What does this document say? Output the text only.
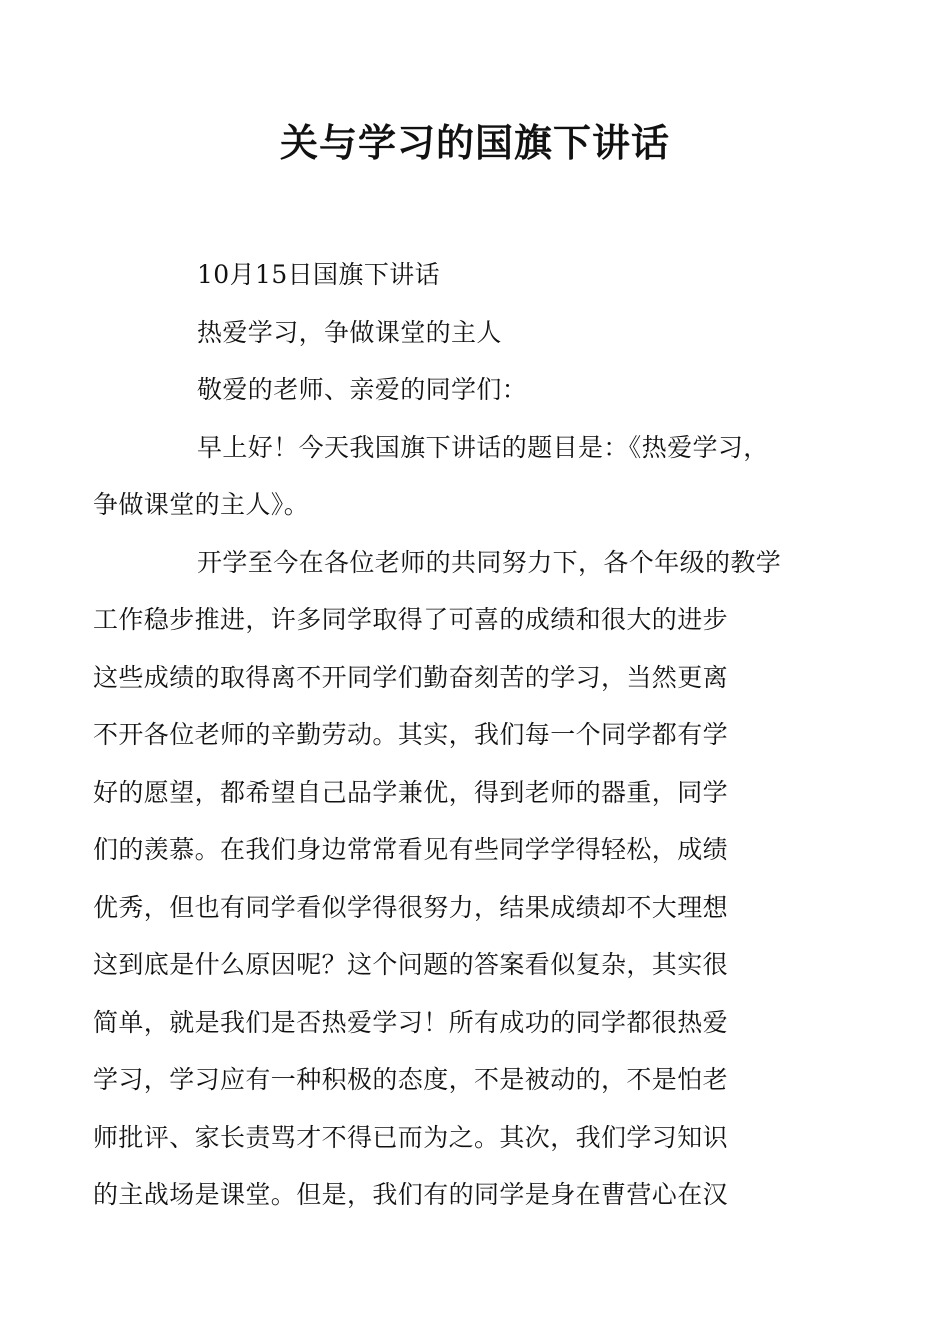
关与学习的国旗下讲话

10月15日国旗下讲话

热爱学习，争做课堂的主人

敬爱的老师、亲爱的同学们：

早上好！今天我国旗下讲话的题目是：《热爱学习，
争做课堂的主人》。

开学至今在各位老师的共同努力下，各个年级的教学
工作稳步推进，许多同学取得了可喜的成绩和很大的进步
这些成绩的取得离不开同学们勤奋刻苦的学习，当然更离
不开各位老师的辛勤劳动。其实，我们每一个同学都有学
好的愿望，都希望自己品学兼优，得到老师的器重，同学
们的羡慕。在我们身边常常看见有些同学学得轻松，成绩
优秀，但也有同学看似学得很努力，结果成绩却不大理想
这到底是什么原因呢？这个问题的答案看似复杂，其实很
简单，就是我们是否热爱学习！所有成功的同学都很热爱
学习，学习应有一种积极的态度，不是被动的，不是怕老
师批评、家长责骂才不得已而为之。其次，我们学习知识
的主战场是课堂。但是，我们有的同学是身在曹营心在汉
